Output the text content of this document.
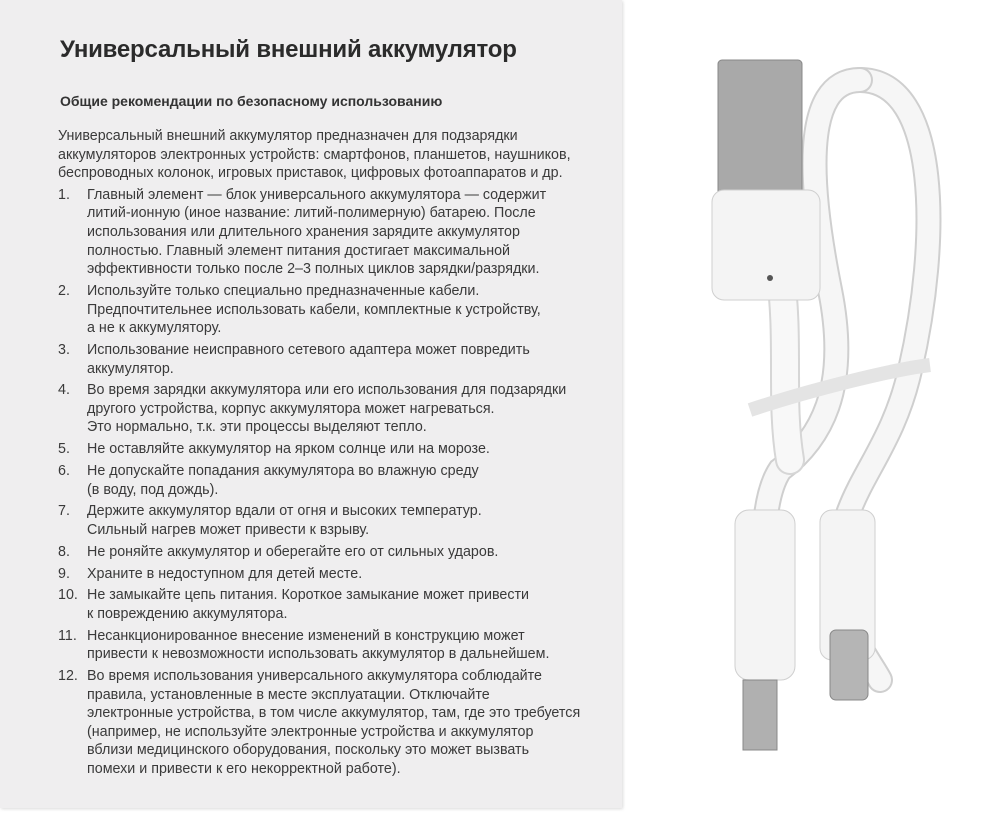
Универсальный внешний аккумулятор
Общие рекомендации по безопасному использованию
Универсальный внешний аккумулятор предназначен для подзарядки
аккумуляторов электронных устройств: смартфонов, планшетов, наушников,
беспроводных колонок, игровых приставок, цифровых фотоаппаратов и др.
1.	Главный элемент — блок универсального аккумулятора — содержит
литий-ионную (иное название: литий-полимерную) батарею. После
использования или длительного хранения зарядите аккумулятор
полностью. Главный элемент питания достигает максимальной
эффективности только после 2–3 полных циклов зарядки/разрядки.
2.	Используйте только специально предназначенные кабели.
Предпочтительнее использовать кабели, комплектные к устройству,
а не к аккумулятору.
3.	Использование неисправного сетевого адаптера может повредить
аккумулятор.
4.	Во время зарядки аккумулятора или его использования для подзарядки
другого устройства, корпус аккумулятора может нагреваться.
Это нормально, т.к. эти процессы выделяют тепло.
5.	Не оставляйте аккумулятор на ярком солнце или на морозе.
6.	Не допускайте попадания аккумулятора во влажную среду
(в воду, под дождь).
7.	Держите аккумулятор вдали от огня и высоких температур.
Сильный нагрев может привести к взрыву.
8.	Не роняйте аккумулятор и оберегайте его от сильных ударов.
9.	Храните в недоступном для детей месте.
10. Не замыкайте цепь питания. Короткое замыкание может привести
к повреждению аккумулятора.
11. Несанкционированное внесение изменений в конструкцию может
привести к невозможности использовать аккумулятор в дальнейшем.
12. Во время использования универсального аккумулятора соблюдайте
правила, установленные в месте эксплуатации. Отключайте
электронные устройства, в том числе аккумулятор, там, где это требуется
(например, не используйте электронные устройства и аккумулятор
вблизи медицинского оборудования, поскольку это может вызвать
помехи и привести к его некорректной работе).
